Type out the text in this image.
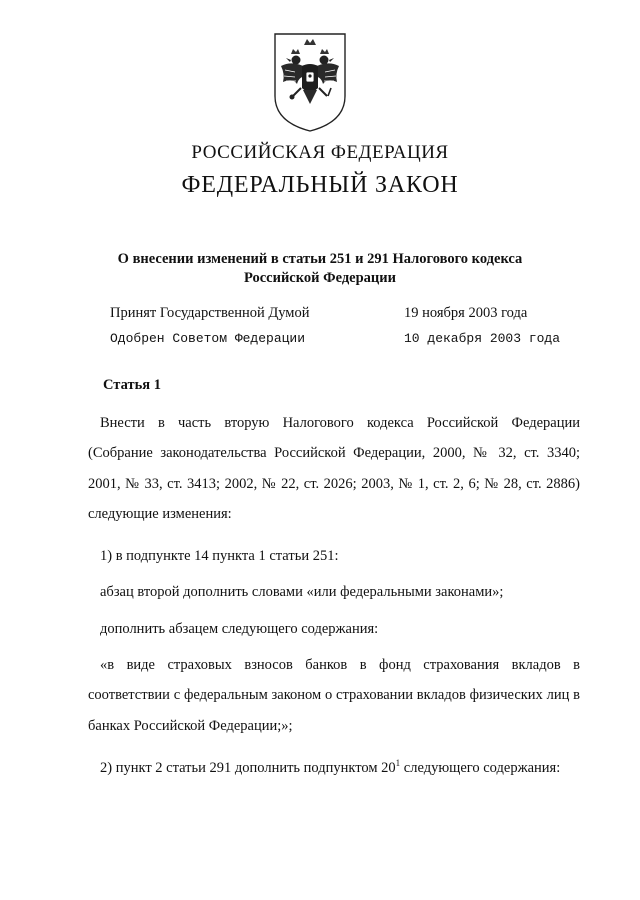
РОССИЙСКАЯ ФЕДЕРАЦИЯ
ФЕДЕРАЛЬНЫЙ ЗАКОН
О внесении изменений в статьи 251 и 291 Налогового кодекса
Российской Федерации
Принят Государственной Думой	19 ноября 2003 года
Одобрен Советом Федерации	10 декабря 2003 года
Статья 1

Внести в часть вторую Налогового кодекса Российской Федерации (Собрание законодательства Российской Федерации, 2000, № 32, ст. 3340; 2001, № 33, ст. 3413; 2002, № 22, ст. 2026; 2003, № 1, ст. 2, 6; № 28, ст. 2886) следующие изменения:

1) в подпункте 14 пункта 1 статьи 251:

абзац второй дополнить словами «или федеральными законами»;

дополнить абзацем следующего содержания:

«в виде страховых взносов банков в фонд страхования вкладов в соответствии с федеральным законом о страховании вкладов физических лиц в банках Российской Федерации;»;

2) пункт 2 статьи 291 дополнить подпунктом $20^1$ следующего содержания:
